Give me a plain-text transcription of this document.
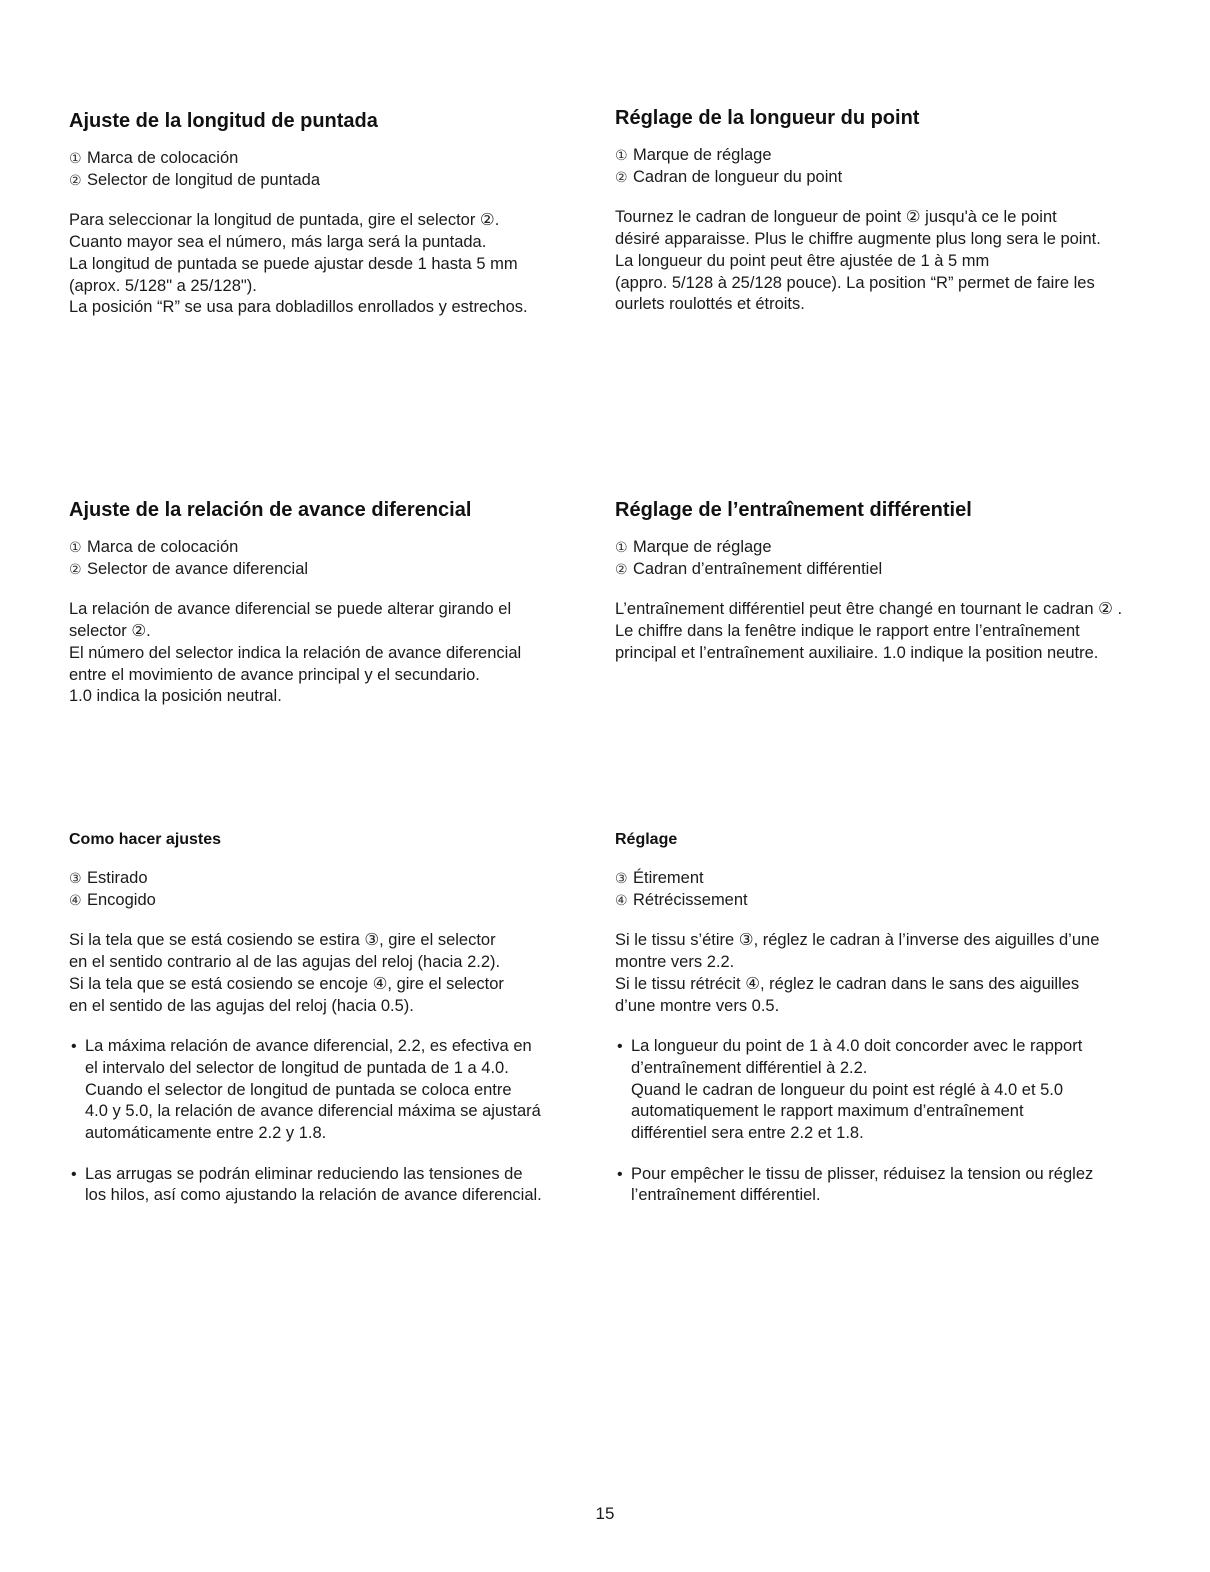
Ajuste de la longitud de puntada
① Marca de colocación
② Selector de longitud de puntada

Para seleccionar la longitud de puntada, gire el selector ②.

Cuanto mayor sea el número, más larga será la puntada.

La longitud de puntada se puede ajustar desde 1 hasta 5 mm

(aprox. 5/128" a 25/128").

La posición “R” se usa para dobladillos enrollados y estrechos.

Réglage de la longueur du point
① Marque de réglage
② Cadran de longueur du point

Tournez le cadran de longueur de point ② jusqu'à ce le point

désiré apparaisse. Plus le chiffre augmente plus long sera le point.

La longueur du point peut être ajustée de 1 à 5 mm

(appro. 5/128 à 25/128 pouce). La position “R” permet de faire les

ourlets roulottés et étroits.

Ajuste de la relación de avance diferencial
① Marca de colocación
② Selector de avance diferencial

La relación de avance diferencial se puede alterar girando el

selector ②.

El número del selector indica la relación de avance diferencial

entre el movimiento de avance principal y el secundario.

1.0 indica la posición neutral.

Réglage de l’entraînement différentiel
① Marque de réglage
② Cadran d’entraînement différentiel

L’entraînement différentiel peut être changé en tournant le cadran ② .

Le chiffre dans la fenêtre indique le rapport entre l’entraînement

principal et l’entraînement auxiliaire. 1.0 indique la position neutre.

Como hacer ajustes
③ Estirado
④ Encogido

Si la tela que se está cosiendo se estira ③, gire el selector

en el sentido contrario al de las agujas del reloj (hacia 2.2).

Si la tela que se está cosiendo se encoje ④, gire el selector

en el sentido de las agujas del reloj (hacia 0.5).

• La máxima relación de avance diferencial, 2.2, es efectiva en

el intervalo del selector de longitud de puntada de 1 a 4.0.

Cuando el selector de longitud de puntada se coloca entre

4.0 y 5.0, la relación de avance diferencial máxima se ajustará

automáticamente entre 2.2 y 1.8.

• Las arrugas se podrán eliminar reduciendo las tensiones de

los hilos, así como ajustando la relación de avance diferencial.

Réglage
③ Étirement
④ Rétrécissement

Si le tissu s’étire ③, réglez le cadran à l’inverse des aiguilles d’une

montre vers 2.2.

Si le tissu rétrécit ④, réglez le cadran dans le sans des aiguilles

d’une montre vers 0.5.

• La longueur du point de 1 à 4.0 doit concorder avec le rapport

d’entraînement différentiel à 2.2.

Quand le cadran de longueur du point est réglé à 4.0 et 5.0

automatiquement le rapport maximum d’entraînement

différentiel sera entre 2.2 et 1.8.

• Pour empêcher le tissu de plisser, réduisez la tension ou réglez

l’entraînement différentiel.

15
